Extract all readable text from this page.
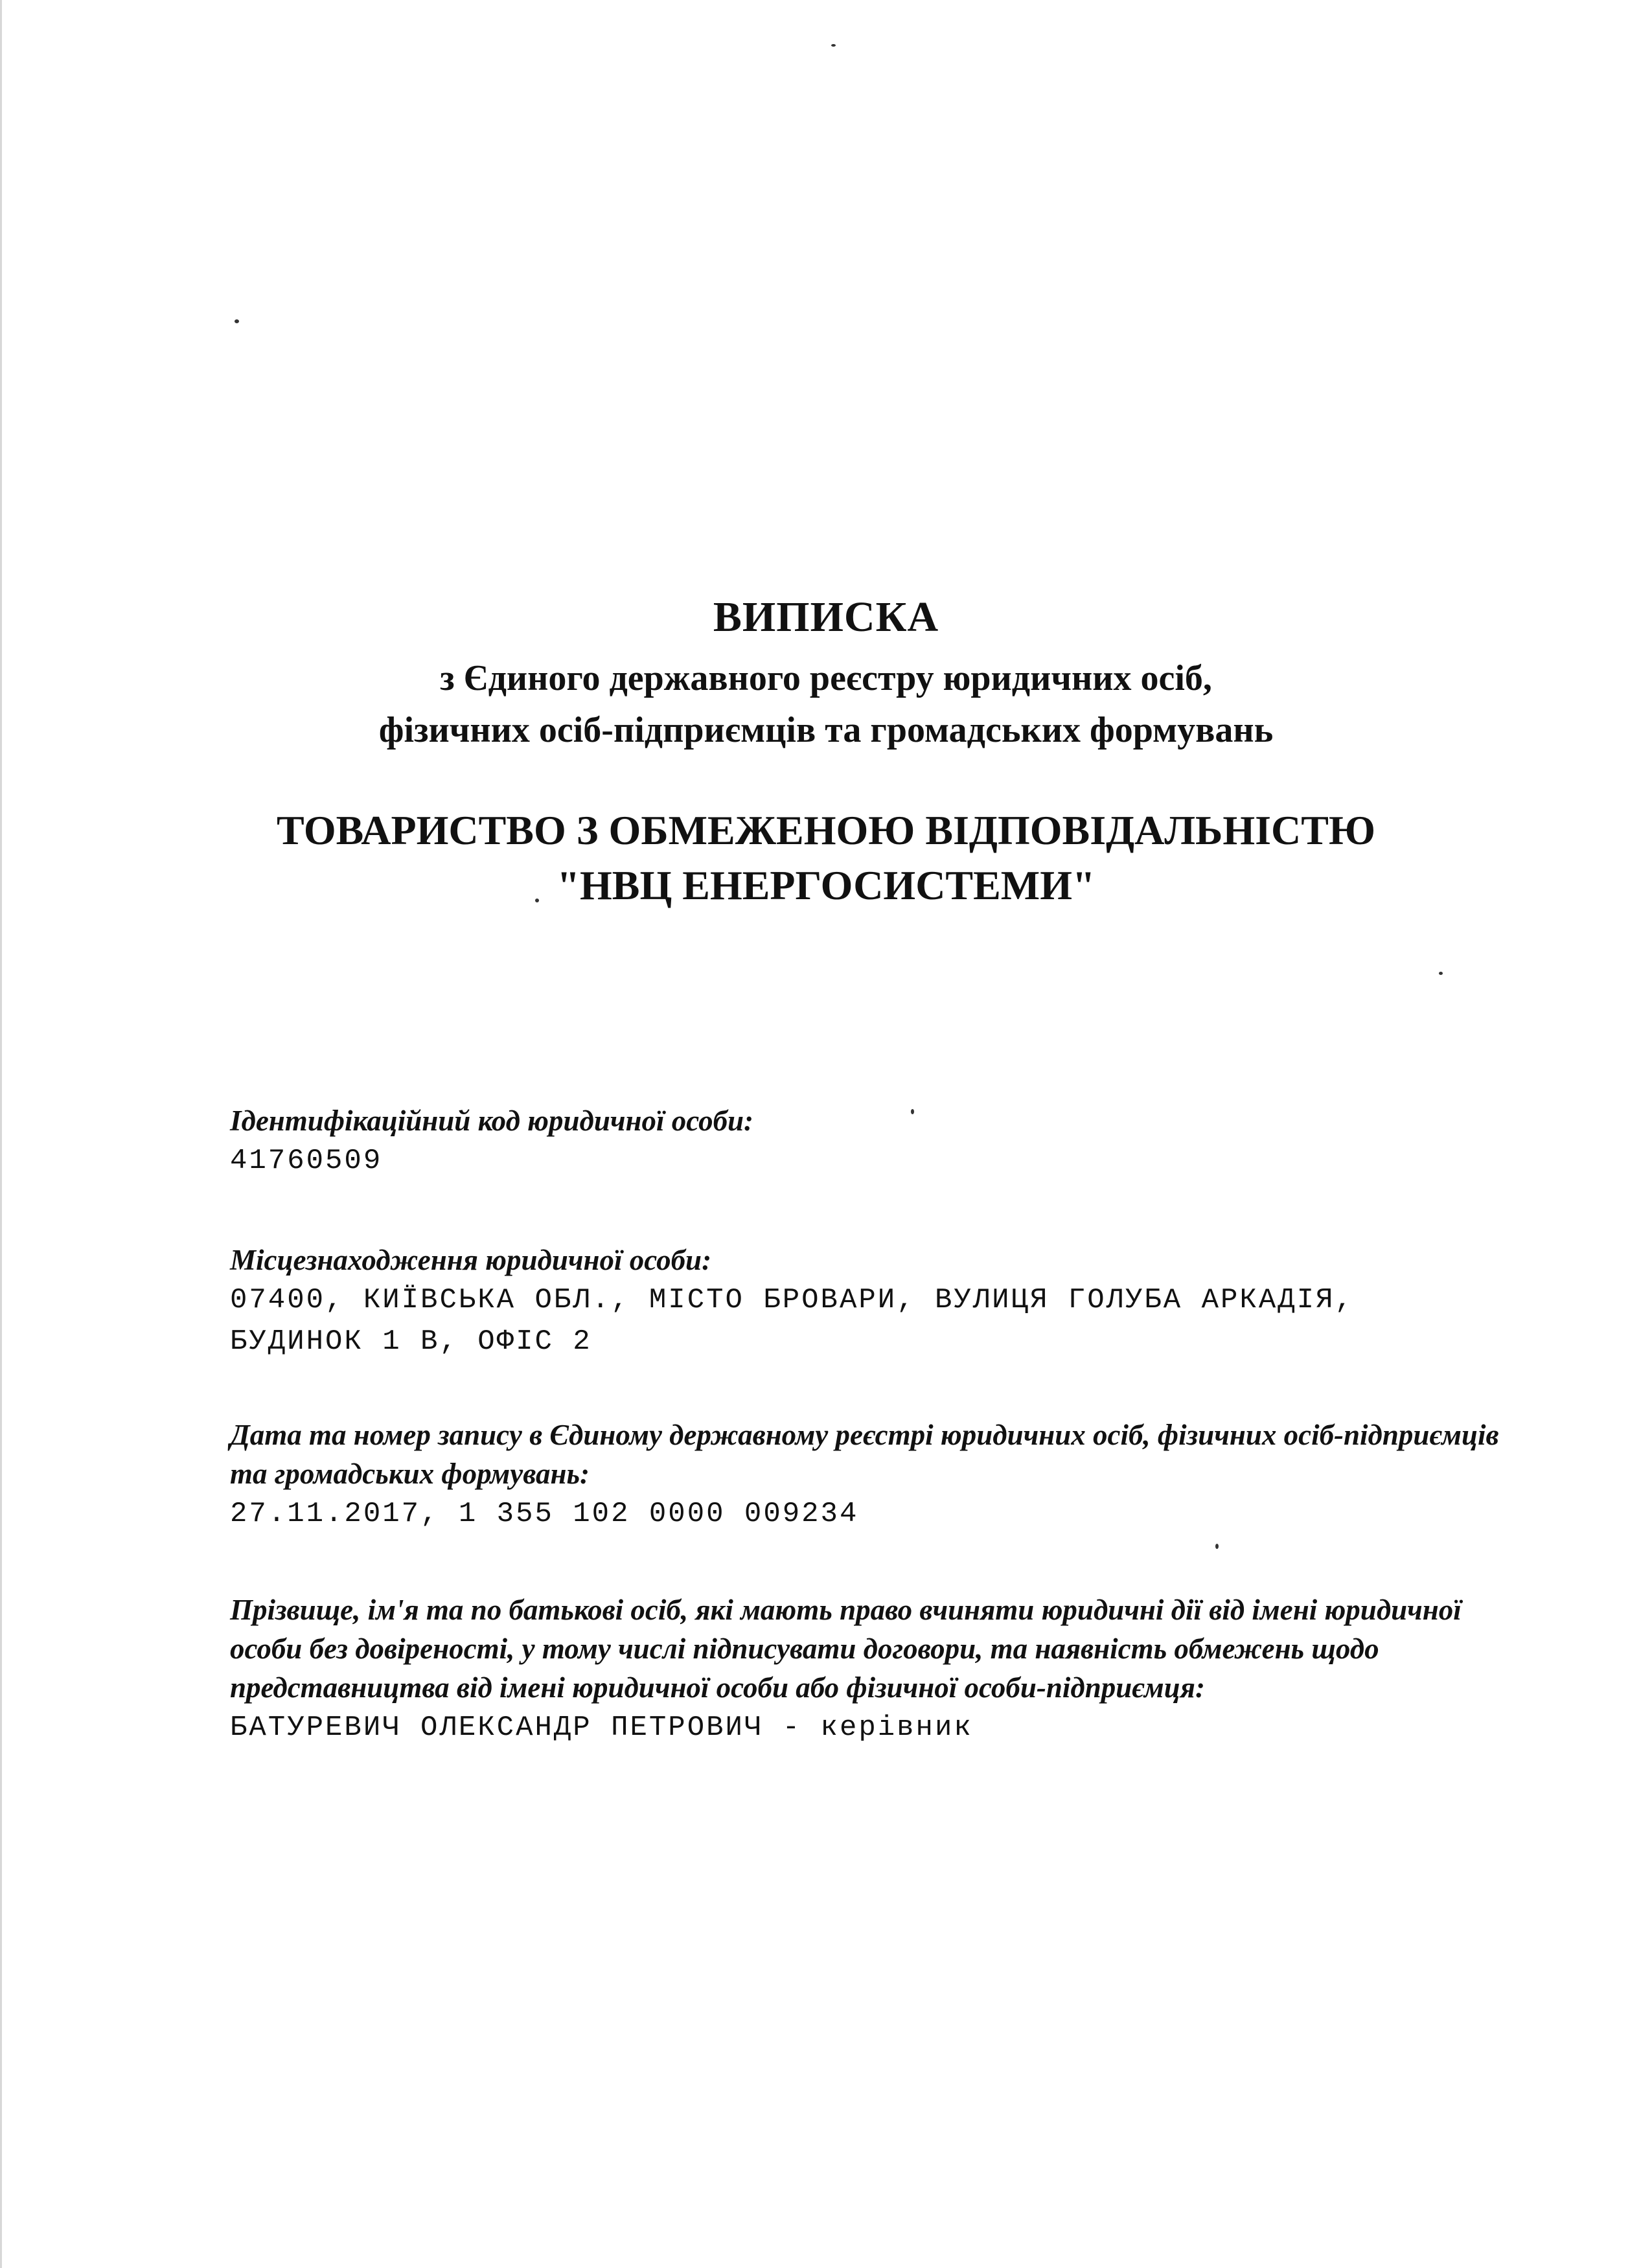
ВИПИСКА
з Єдиного державного реєстру юридичних осіб,
фізичних осіб-підприємців та громадських формувань
ТОВАРИСТВО З ОБМЕЖЕНОЮ ВІДПОВІДАЛЬНІСТЮ
"НВЦ ЕНЕРГОСИСТЕМИ"

Ідентифікаційний код юридичної особи:

41760509

Місцезнаходження юридичної особи:

07400, КИЇВСЬКА ОБЛ., МІСТО БРОВАРИ, ВУЛИЦЯ ГОЛУБА АРКАДІЯ,
БУДИНОК 1 В, ОФІС 2

Дата та номер запису в Єдиному державному реєстрі юридичних осіб, фізичних осіб-підприємців та громадських формувань:

27.11.2017, 1 355 102 0000 009234

Прізвище, ім'я та по батькові осіб, які мають право вчиняти юридичні дії від імені юридичної особи без довіреності, у тому числі підписувати договори, та наявність обмежень щодо представництва від імені юридичної особи або фізичної особи-підприємця:

БАТУРЕВИЧ ОЛЕКСАНДР ПЕТРОВИЧ - керівник
